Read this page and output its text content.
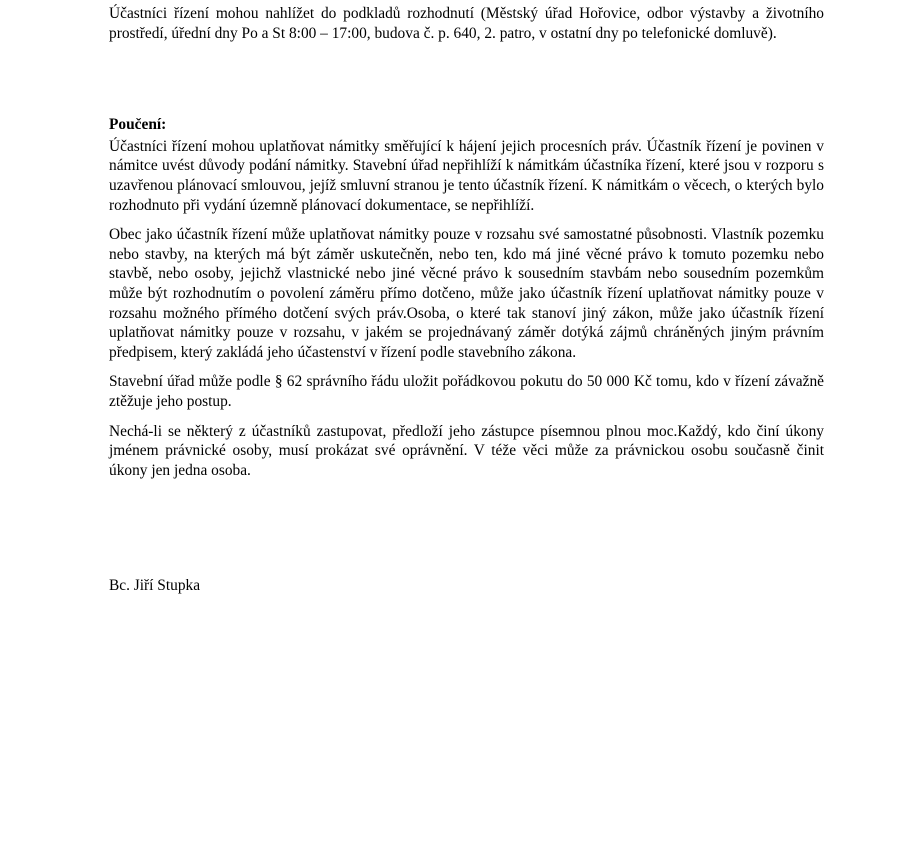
Účastníci řízení mohou nahlížet do podkladů rozhodnutí (Městský úřad Hořovice, odbor výstavby a životního prostředí, úřední dny Po a St 8:00 – 17:00, budova č. p. 640, 2. patro, v ostatní dny po telefonické domluvě).

Poučení:

Účastníci řízení mohou uplatňovat námitky směřující k hájení jejich procesních práv. Účastník řízení je povinen v námitce uvést důvody podání námitky. Stavební úřad nepřihlíží k námitkám účastníka řízení, které jsou v rozporu s uzavřenou plánovací smlouvou, jejíž smluvní stranou je tento účastník řízení. K námitkám o věcech, o kterých bylo rozhodnuto při vydání územně plánovací dokumentace, se nepřihlíží.

Obec jako účastník řízení může uplatňovat námitky pouze v rozsahu své samostatné působnosti. Vlastník pozemku nebo stavby, na kterých má být záměr uskutečněn, nebo ten, kdo má jiné věcné právo k tomuto pozemku nebo stavbě, nebo osoby, jejichž vlastnické nebo jiné věcné právo k sousedním stavbám nebo sousedním pozemkům může být rozhodnutím o povolení záměru přímo dotčeno, může jako účastník řízení uplatňovat námitky pouze v rozsahu možného přímého dotčení svých práv.Osoba, o které tak stanoví jiný zákon, může jako účastník řízení uplatňovat námitky pouze v rozsahu, v jakém se projednávaný záměr dotýká zájmů chráněných jiným právním předpisem, který zakládá jeho účastenství v řízení podle stavebního zákona.

Stavební úřad může podle § 62 správního řádu uložit pořádkovou pokutu do 50 000 Kč tomu, kdo v řízení závažně ztěžuje jeho postup.

Nechá-li se některý z účastníků zastupovat, předloží jeho zástupce písemnou plnou moc.Každý, kdo činí úkony jménem právnické osoby, musí prokázat své oprávnění. V téže věci může za právnickou osobu současně činit úkony jen jedna osoba.

Bc. Jiří Stupka
